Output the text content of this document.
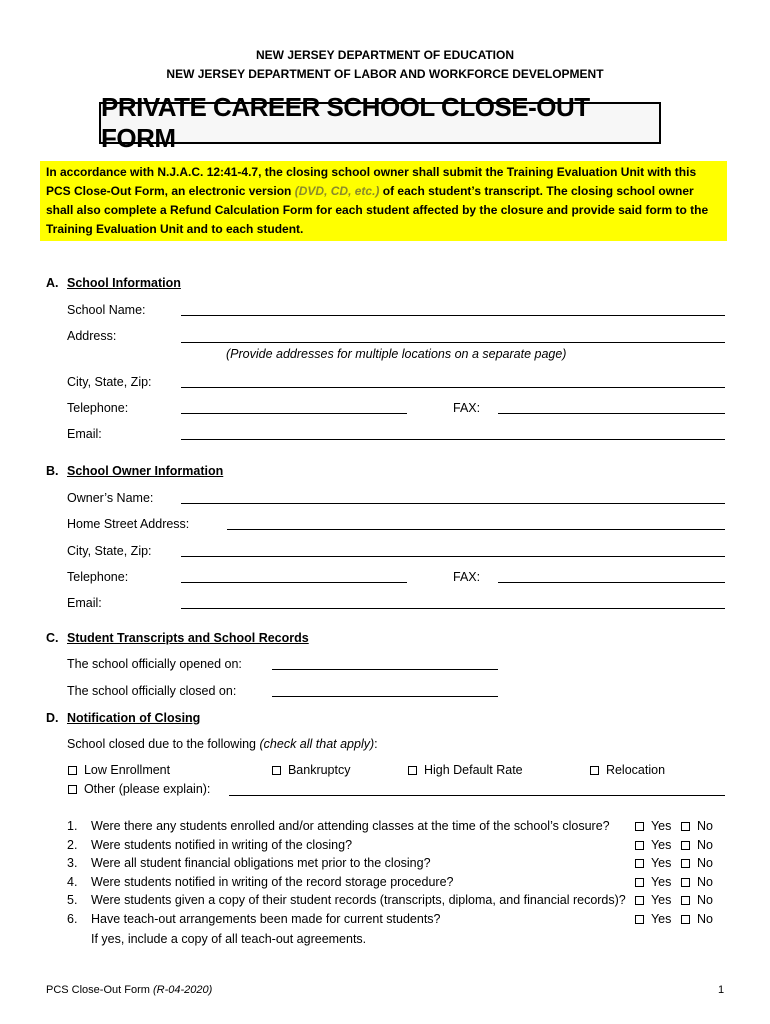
NEW JERSEY DEPARTMENT OF EDUCATION
NEW JERSEY DEPARTMENT OF LABOR AND WORKFORCE DEVELOPMENT
PRIVATE CAREER SCHOOL CLOSE-OUT FORM
In accordance with N.J.A.C. 12:41-4.7, the closing school owner shall submit the Training Evaluation Unit with this PCS Close-Out Form, an electronic version (DVD, CD, etc.) of each student’s transcript. The closing school owner shall also complete a Refund Calculation Form for each student affected by the closure and provide said form to the Training Evaluation Unit and to each student.
A. School Information
School Name:
Address:
(Provide addresses for multiple locations on a separate page)
City, State, Zip:
Telephone:	FAX:
Email:
B. School Owner Information
Owner’s Name:
Home Street Address:
City, State, Zip:
Telephone:	FAX:
Email:
C. Student Transcripts and School Records
The school officially opened on:
The school officially closed on:
D. Notification of Closing
School closed due to the following (check all that apply):
Low Enrollment	Bankruptcy	High Default Rate	Relocation
Other (please explain):
1. Were there any students enrolled and/or attending classes at the time of the school’s closure?	Yes	No
2. Were students notified in writing of the closing?	Yes	No
3. Were all student financial obligations met prior to the closing?	Yes	No
4. Were students notified in writing of the record storage procedure?	Yes	No
5. Were students given a copy of their student records (transcripts, diploma, and financial records)?	Yes	No
6. Have teach-out arrangements been made for current students?	Yes	No
If yes, include a copy of all teach-out agreements.
PCS Close-Out Form (R-04-2020)	1
